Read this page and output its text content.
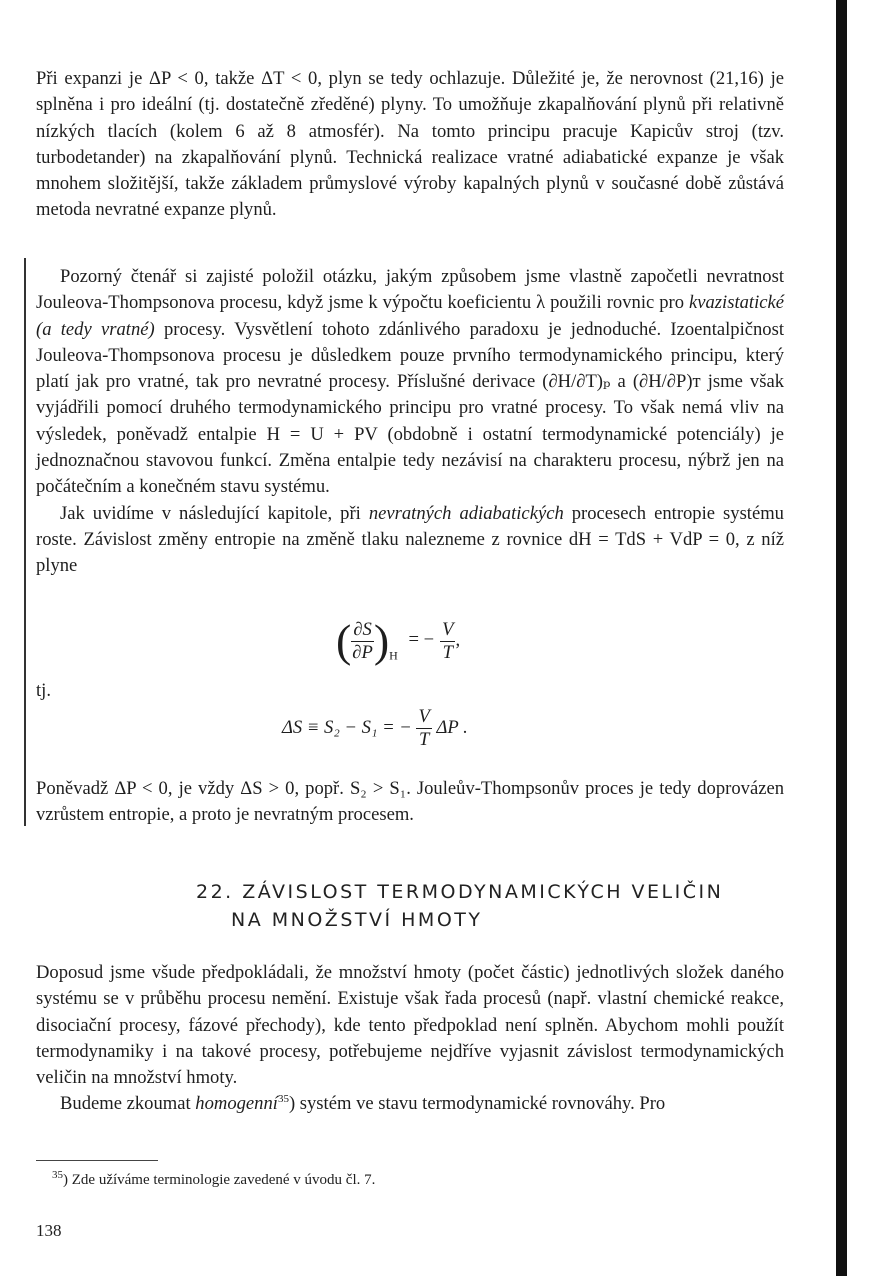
Při expanzi je ΔP < 0, takže ΔT < 0, plyn se tedy ochlazuje. Důležité je, že nerovnost (21,16) je splněna i pro ideální (tj. dostatečně zředěné) plyny. To umožňuje zkapalňování plynů při relativně nízkých tlacích (kolem 6 až 8 atmosfér). Na tomto principu pracuje Kapicův stroj (tzv. turbodetander) na zkapalňování plynů. Technická realizace vratné adiabatické expanze je však mnohem složitější, takže základem průmyslové výroby kapalných plynů v současné době zůstává metoda nevratné expanze plynů.

Pozorný čtenář si zajisté položil otázku, jakým způsobem jsme vlastně započetli nevratnost Jouleova-Thompsonova procesu, když jsme k výpočtu koeficientu λ použili rovnic pro kvazistatické (a tedy vratné) procesy. Vysvětlení tohoto zdánlivého paradoxu je jednoduché. Izoentalpičnost Jouleova-Thompsonova procesu je důsledkem pouze prvního termodynamického principu, který platí jak pro vratné, tak pro nevratné procesy. Příslušné derivace (∂H/∂T)ₚ a (∂H/∂P)ᴛ jsme však vyjádřili pomocí druhého termodynamického principu pro vratné procesy. To však nemá vliv na výsledek, poněvadž entalpie H = U + PV (obdobně i ostatní termodynamické potenciály) je jednoznačnou stavovou funkcí. Změna entalpie tedy nezávisí na charakteru procesu, nýbrž jen na počátečním a konečném stavu systému.

Jak uvidíme v následující kapitole, při nevratných adiabatických procesech entropie systému roste. Závislost změny entropie na změně tlaku nalezneme z rovnice dH = TdS + VdP = 0, z níž plyne

( $\frac{\partial S}{\partial P} )_H$ = − $\frac{V}{T}$ ,
tj.
ΔS ≡ S₂ − S₁ = − $\frac{V}{T}$ ΔP .

Poněvadž ΔP < 0, je vždy ΔS > 0, popř. S₂ > S₁. Jouleův-Thompsonův proces je tedy doprovázen vzrůstem entropie, a proto je nevratným procesem.

22. ZÁVISLOST TERMODYNAMICKÝCH VELIČIN
NA MNOŽSTVÍ HMOTY

Doposud jsme všude předpokládali, že množství hmoty (počet částic) jednotlivých složek daného systému se v průběhu procesu nemění. Existuje však řada procesů (např. vlastní chemické reakce, disociační procesy, fázové přechody), kde tento předpoklad není splněn. Abychom mohli použít termodynamiky i na takové procesy, potřebujeme nejdříve vyjasnit závislost termodynamických veličin na množství hmoty.

Budeme zkoumat homogenní$^{35}$) systém ve stavu termodynamické rovnováhy. Pro

$^{35}$) Zde užíváme terminologie zavedené v úvodu čl. 7.
138
